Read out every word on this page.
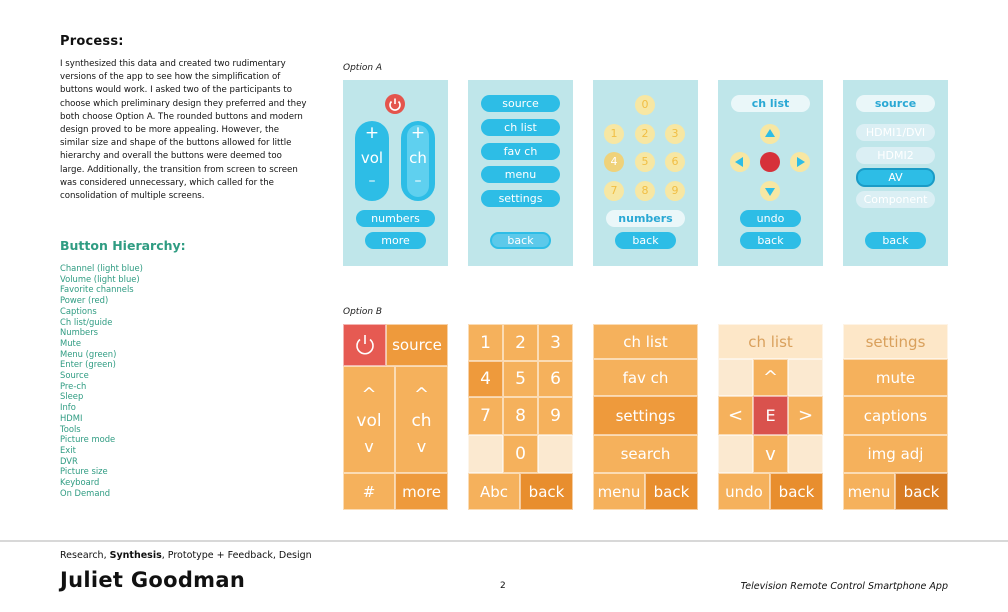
Process:
I synthesized this data and created two rudimentary versions of the app to see how the simplification of buttons would work. I asked two of the participants to choose which preliminary design they preferred and they both choose Option A. The rounded buttons and modern design proved to be more appealing. However, the similar size and shape of the buttons allowed for little hierarchy and overall the buttons were deemed too large. Additionally, the transition from screen to screen was considered unnecessary, which called for the consolidation of multiple screens.
Button Hierarchy:
Channel (light blue)
Volume (light blue)
Favorite channels
Power (red)
Captions
Ch list/guide
Numbers
Mute
Menu (green)
Enter (green)
Source
Pre-ch
Sleep
Info
HDMI
Tools
Picture mode
Exit
DVR
Picture size
Keyboard
On Demand
Option A
+
vol
–
+
ch
–
numbers
more
source
ch list
fav ch
menu
settings
back
0
1	2	3
4	5	6
7	8	9
numbers
back
ch list
undo
back
source
HDMI1/DVI
HDMI2
AV
Component
back
Option B
source
^
vol
v
^
ch
v
#	more
1	2	3
4	5	6
7	8	9
0
Abc	back
ch list
fav ch
settings
search
menu back
ch list
^
<	E	>
v
undo	back
settings
mute
captions
img adj
menu back
Research, Synthesis, Prototype + Feedback, Design
Juliet Goodman	2	Television Remote Control Smartphone App
